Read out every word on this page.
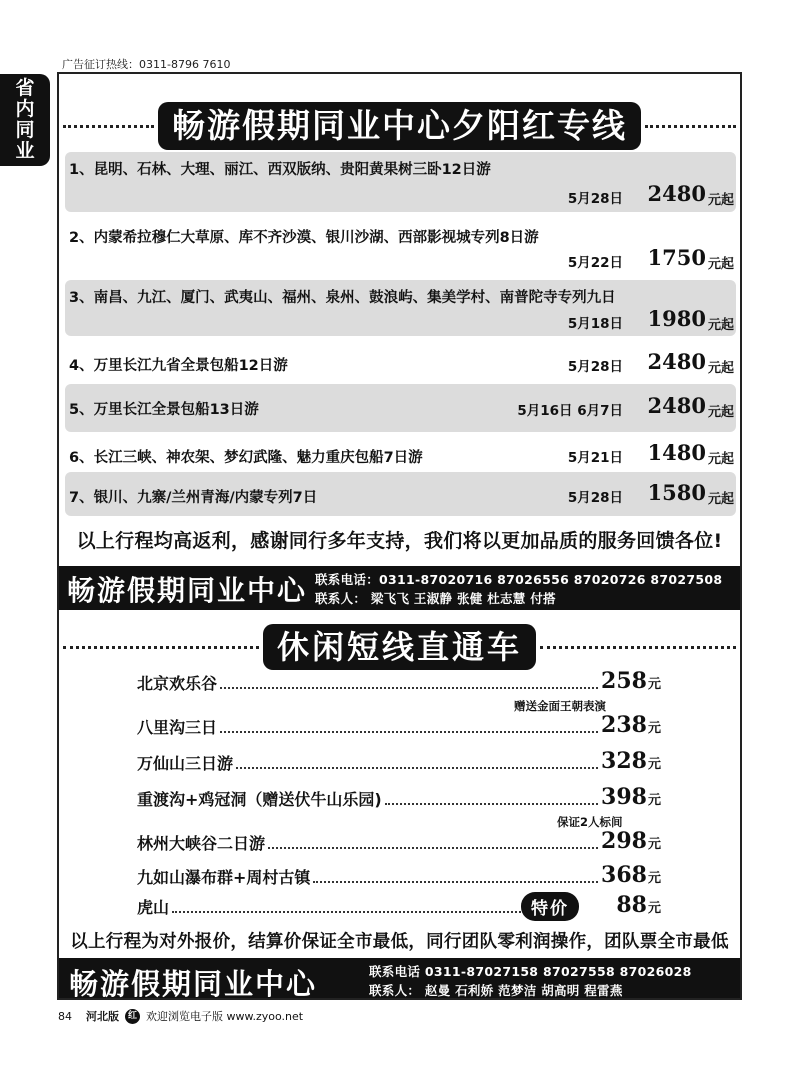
广告征订热线：0311-8796 7610
省
内
同
业
畅游假期同业中心夕阳红专线
1、昆明、石林、大理、丽江、西双版纳、贵阳黄果树三卧12日游
5月28日 2480 元起
2、内蒙希拉穆仁大草原、库不齐沙漠、银川沙湖、西部影视城专列8日游
5月22日 1750 元起
3、南昌、九江、厦门、武夷山、福州、泉州、鼓浪屿、集美学村、南普陀寺专列九日
5月18日 1980 元起
4、万里长江九省全景包船12日游	5月28日 2480 元起
5、万里长江全景包船13日游	5月16日 6月7日 2480 元起
6、长江三峡、神农架、梦幻武隆、魅力重庆包船7日游	5月21日 1480 元起
7、银川、九寨/兰州青海/内蒙专列7日	5月28日 1580 元起
以上行程均高返利，感谢同行多年支持，我们将以更加品质的服务回馈各位!
畅游假期同业中心 联系电话：0311-87020716 87026556 87020726 87027508
联系人： 梁飞飞 王淑静 张健 杜志慧 付搭
休闲短线直通车
北京欢乐谷	258 元
赠送金面王朝表演
八里沟三日	238 元
万仙山三日游	328 元
重渡沟+鸡冠洞（赠送伏牛山乐园)	398 元
保证2人标间
林州大峡谷二日游	298 元
九如山瀑布群+周村古镇	368 元
虎山	88 元
特价
以上行程为对外报价，结算价保证全市最低，同行团队零利润操作，团队票全市最低
畅游假期同业中心	联系电话 0311-87027158 87027558 87026028
联系人： 赵曼 石利娇 范梦洁 胡高明 程雷燕
84 河北版 红 欢迎浏览电子版 www.zyoo.net
